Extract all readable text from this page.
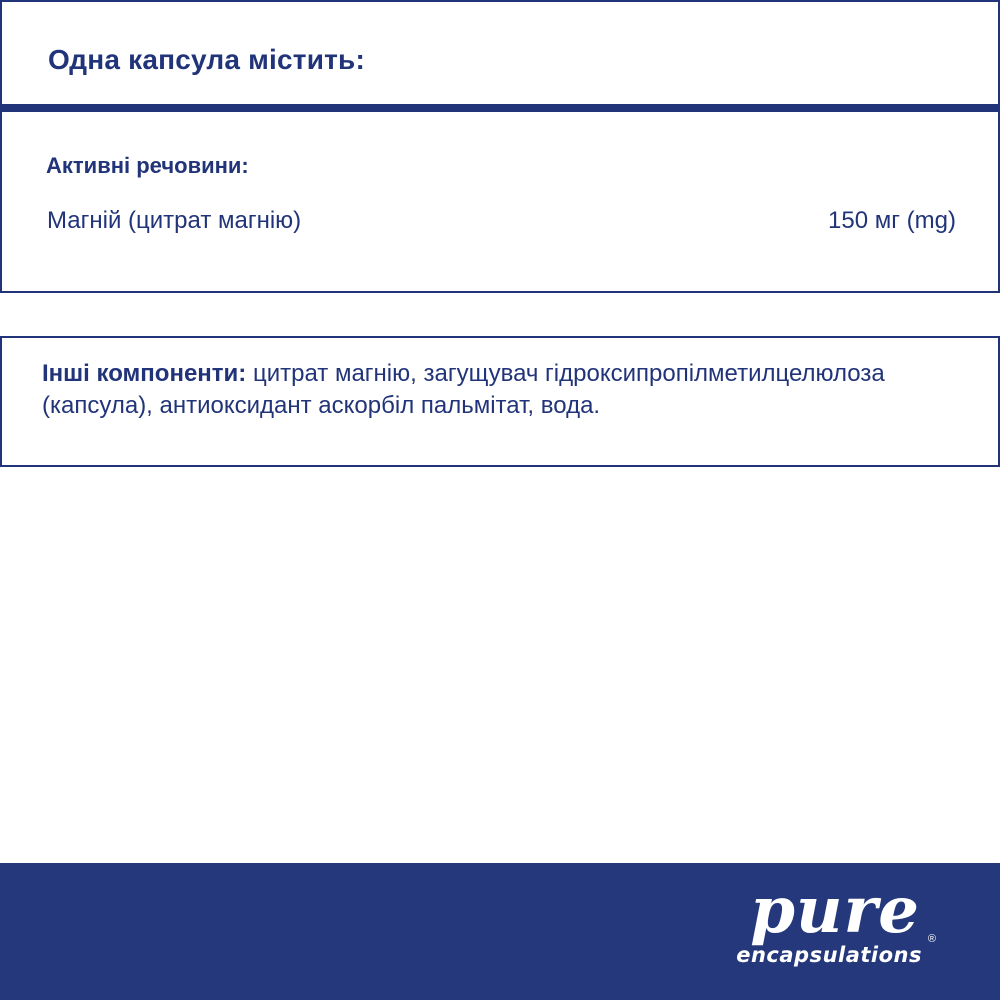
Одна капсула містить:
Активні речовини:
Магній (цитрат магнію)	150 мг (mg)
Інші компоненти: цитрат магнію, загущувач гідроксипропілметилцелюлоза (капсула), антиоксидант аскорбіл пальмітат, вода.
pure ®
encapsulations
